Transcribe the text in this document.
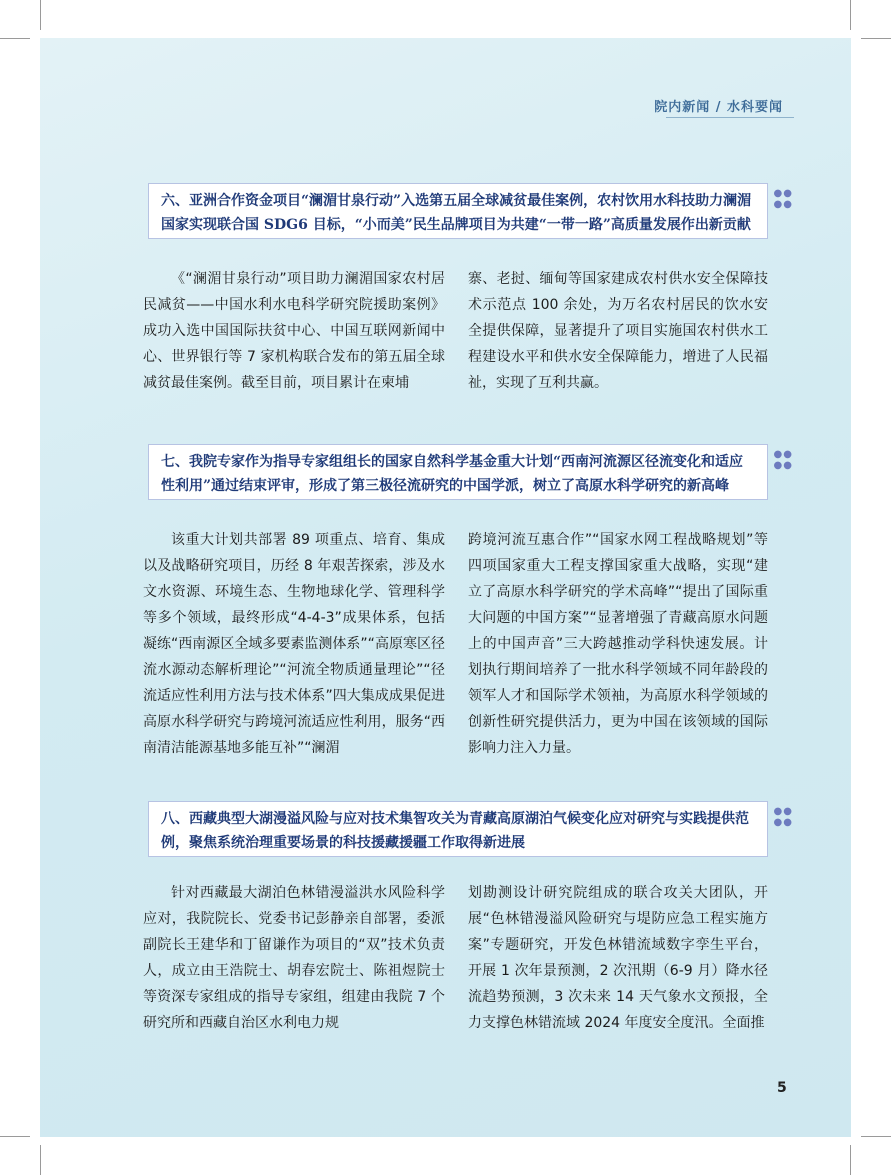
院内新闻 / 水科要闻
六、亚洲合作资金项目“澜湄甘泉行动”入选第五届全球减贫最佳案例，农村饮用水科技助力澜湄国家实现联合国 SDG6 目标，“小而美”民生品牌项目为共建“一带一路”高质量发展作出新贡献
●●
●●

《“澜湄甘泉行动”项目助力澜湄国家农村居民减贫——中国水利水电科学研究院援助案例》成功入选中国国际扶贫中心、中国互联网新闻中心、世界银行等 7 家机构联合发布的第五届全球减贫最佳案例。截至目前，项目累计在柬埔

寨、老挝、缅甸等国家建成农村供水安全保障技术示范点 100 余处，为万名农村居民的饮水安全提供保障，显著提升了项目实施国农村供水工程建设水平和供水安全保障能力，增进了人民福祉，实现了互利共赢。

七、我院专家作为指导专家组组长的国家自然科学基金重大计划“西南河流源区径流变化和适应性利用”通过结束评审，形成了第三极径流研究的中国学派，树立了高原水科学研究的新高峰
●●
●●

该重大计划共部署 89 项重点、培育、集成以及战略研究项目，历经 8 年艰苦探索，涉及水文水资源、环境生态、生物地球化学、管理科学等多个领域，最终形成“4-4-3”成果体系，包括凝练“西南源区全域多要素监测体系”“高原寒区径流水源动态解析理论”“河流全物质通量理论”“径流适应性利用方法与技术体系”四大集成成果促进高原水科学研究与跨境河流适应性利用，服务“西南清洁能源基地多能互补”“澜湄

跨境河流互惠合作”“国家水网工程战略规划”等四项国家重大工程支撑国家重大战略，实现“建立了高原水科学研究的学术高峰”“提出了国际重大问题的中国方案”“显著增强了青藏高原水问题上的中国声音”三大跨越推动学科快速发展。计划执行期间培养了一批水科学领域不同年龄段的领军人才和国际学术领袖，为高原水科学领域的创新性研究提供活力，更为中国在该领域的国际影响力注入力量。

八、西藏典型大湖漫溢风险与应对技术集智攻关为青藏高原湖泊气候变化应对研究与实践提供范例，聚焦系统治理重要场景的科技援藏援疆工作取得新进展
●●
●●

针对西藏最大湖泊色林错漫溢洪水风险科学应对，我院院长、党委书记彭静亲自部署，委派副院长王建华和丁留谦作为项目的“双”技术负责人，成立由王浩院士、胡春宏院士、陈祖煜院士等资深专家组成的指导专家组，组建由我院 7 个研究所和西藏自治区水利电力规

划勘测设计研究院组成的联合攻关大团队，开展“色林错漫溢风险研究与堤防应急工程实施方案”专题研究，开发色林错流域数字孪生平台，开展 1 次年景预测，2 次汛期（6-9 月）降水径流趋势预测，3 次未来 14 天气象水文预报，全力支撑色林错流域 2024 年度安全度汛。全面推

5
